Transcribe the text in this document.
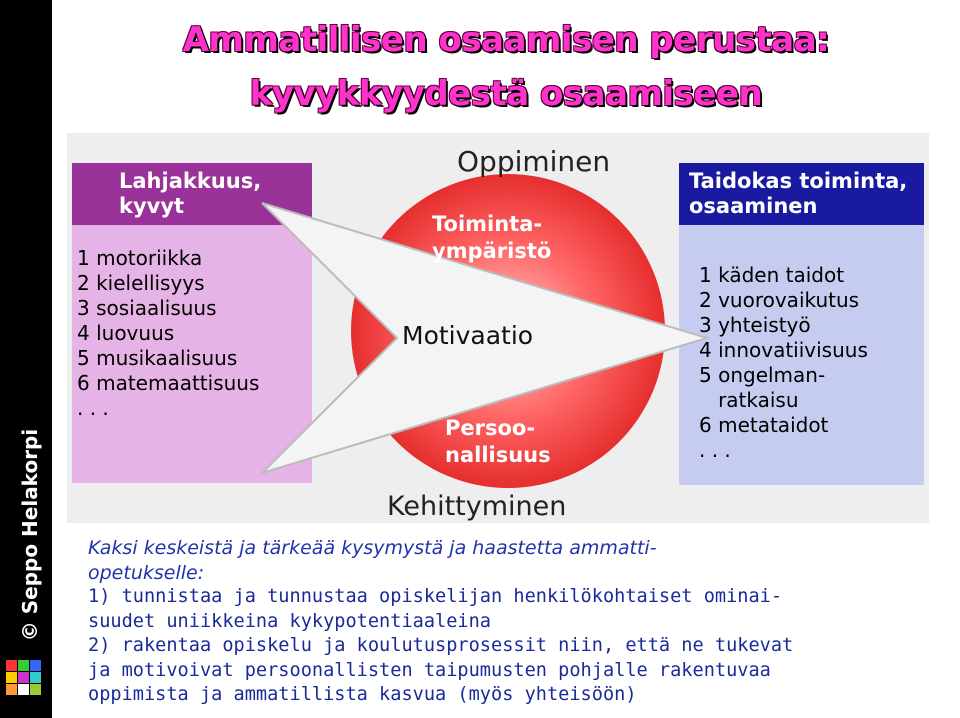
© Seppo Helakorpi
Ammatillisen osaamisen perustaa:
kyvykkyydestä osaamiseen
Oppiminen
Kehittyminen
Lahjakkuus,
kyvyt
1 motoriikka
2 kielellisyys
3 sosiaalisuus
4 luovuus
5 musikaalisuus
6 matemaattisuus
. . .
Taidokas toiminta,
osaaminen
1 käden taidot
2 vuorovaikutus
3 yhteistyö
4 innovatiivisuus
5 ongelman-
ratkaisu
6 metataidot
. . .
Toiminta-
ympäristö
Motivaatio
Persoo-
nallisuus
Kaksi keskeistä ja tärkeää kysymystä ja haastetta ammatti-
opetukselle:
1) tunnistaa ja tunnustaa opiskelijan henkilökohtaiset ominai-
suudet uniikkeina kykypotentiaaleina
2) rakentaa opiskelu ja koulutusprosessit niin, että ne tukevat
ja motivoivat persoonallisten taipumusten pohjalle rakentuvaa
oppimista ja ammatillista kasvua (myös yhteisöön)
